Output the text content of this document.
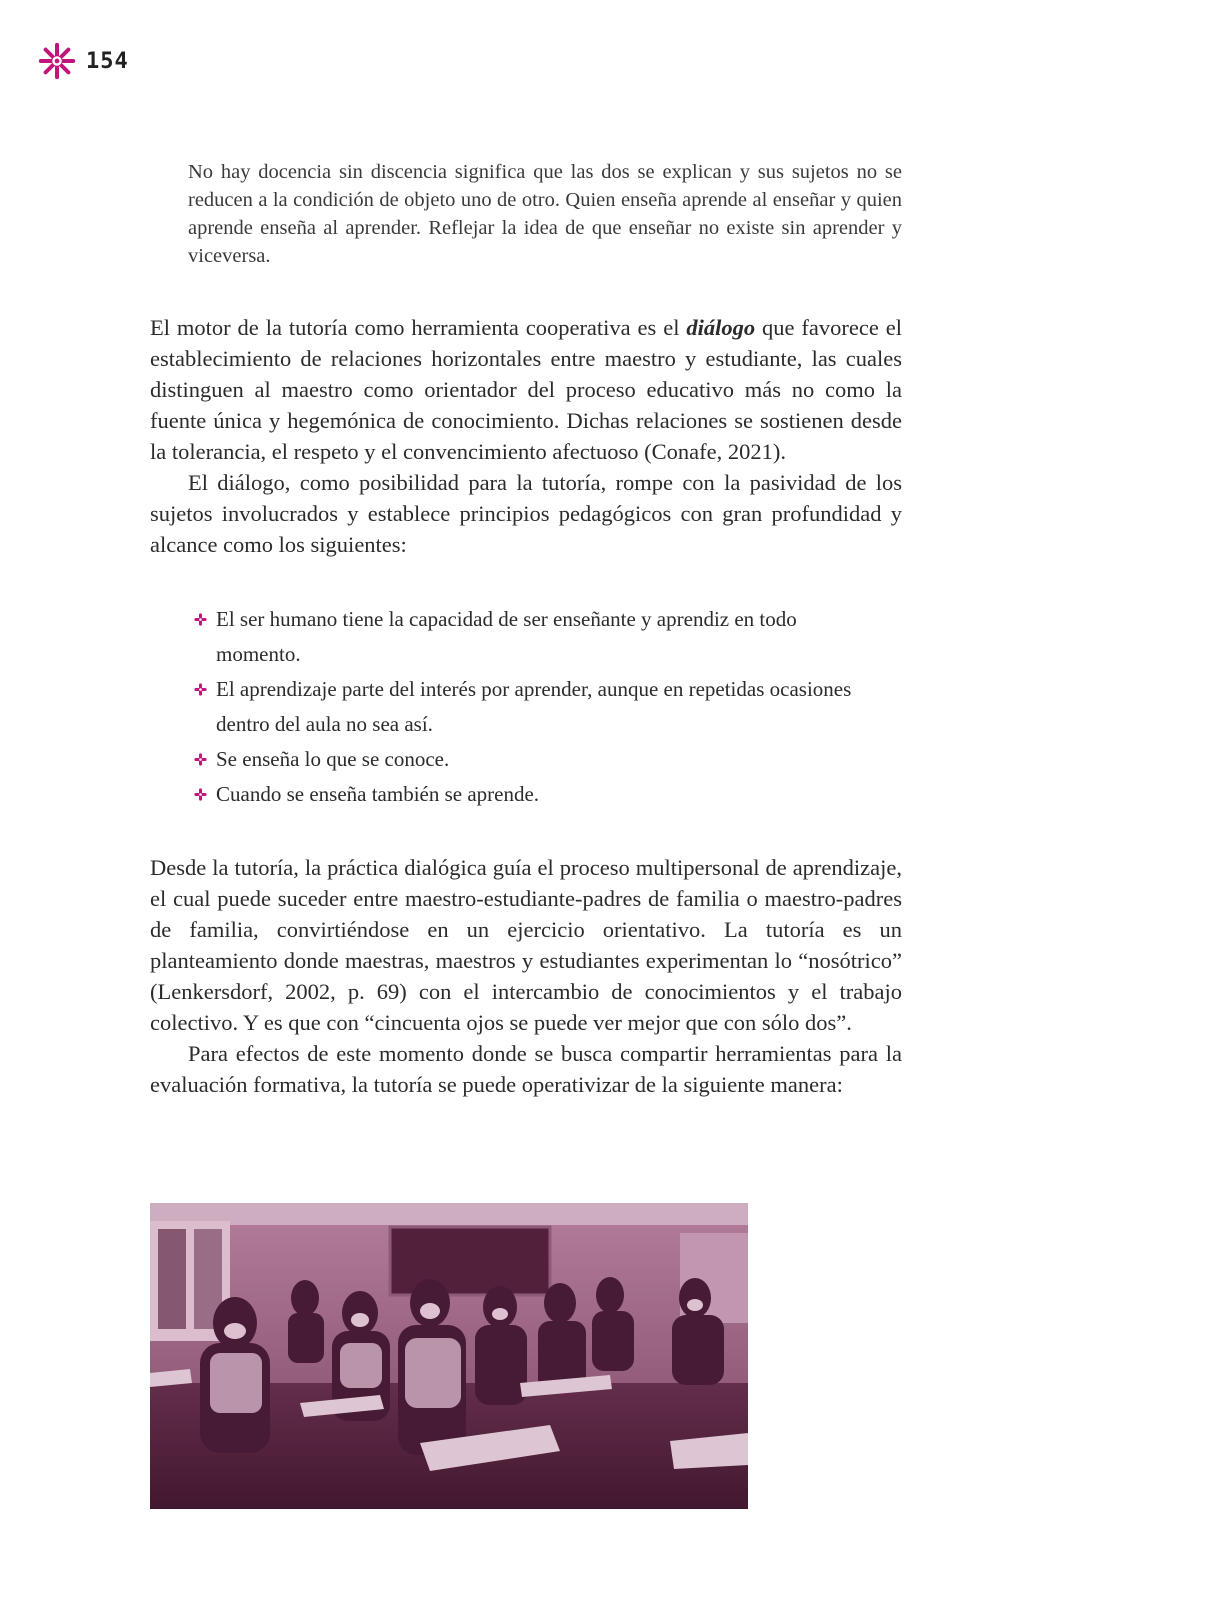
154

No hay docencia sin discencia significa que las dos se explican y sus sujetos no se reducen a la condición de objeto uno de otro. Quien enseña aprende al enseñar y quien aprende enseña al aprender. Reflejar la idea de que enseñar no existe sin aprender y viceversa.

El motor de la tutoría como herramienta cooperativa es el diálogo que favorece el establecimiento de relaciones horizontales entre maestro y estudiante, las cuales distinguen al maestro como orientador del proceso educativo más no como la fuente única y hegemónica de conocimiento. Dichas relaciones se sostienen desde la tolerancia, el respeto y el convencimiento afectuoso (Conafe, 2021).

El diálogo, como posibilidad para la tutoría, rompe con la pasividad de los sujetos involucrados y establece principios pedagógicos con gran profundidad y alcance como los siguientes:

El ser humano tiene la capacidad de ser enseñante y aprendiz en todo momento.
El aprendizaje parte del interés por aprender, aunque en repetidas ocasiones dentro del aula no sea así.
Se enseña lo que se conoce.
Cuando se enseña también se aprende.

Desde la tutoría, la práctica dialógica guía el proceso multipersonal de aprendizaje, el cual puede suceder entre maestro-estudiante-padres de familia o maestro-padres de familia, convirtiéndose en un ejercicio orientativo. La tutoría es un planteamiento donde maestras, maestros y estudiantes experimentan lo “nosótrico” (Lenkersdorf, 2002, p. 69) con el intercambio de conocimientos y el trabajo colectivo. Y es que con “cincuenta ojos se puede ver mejor que con sólo dos”.

Para efectos de este momento donde se busca compartir herramientas para la evaluación formativa, la tutoría se puede operativizar de la siguiente manera:
